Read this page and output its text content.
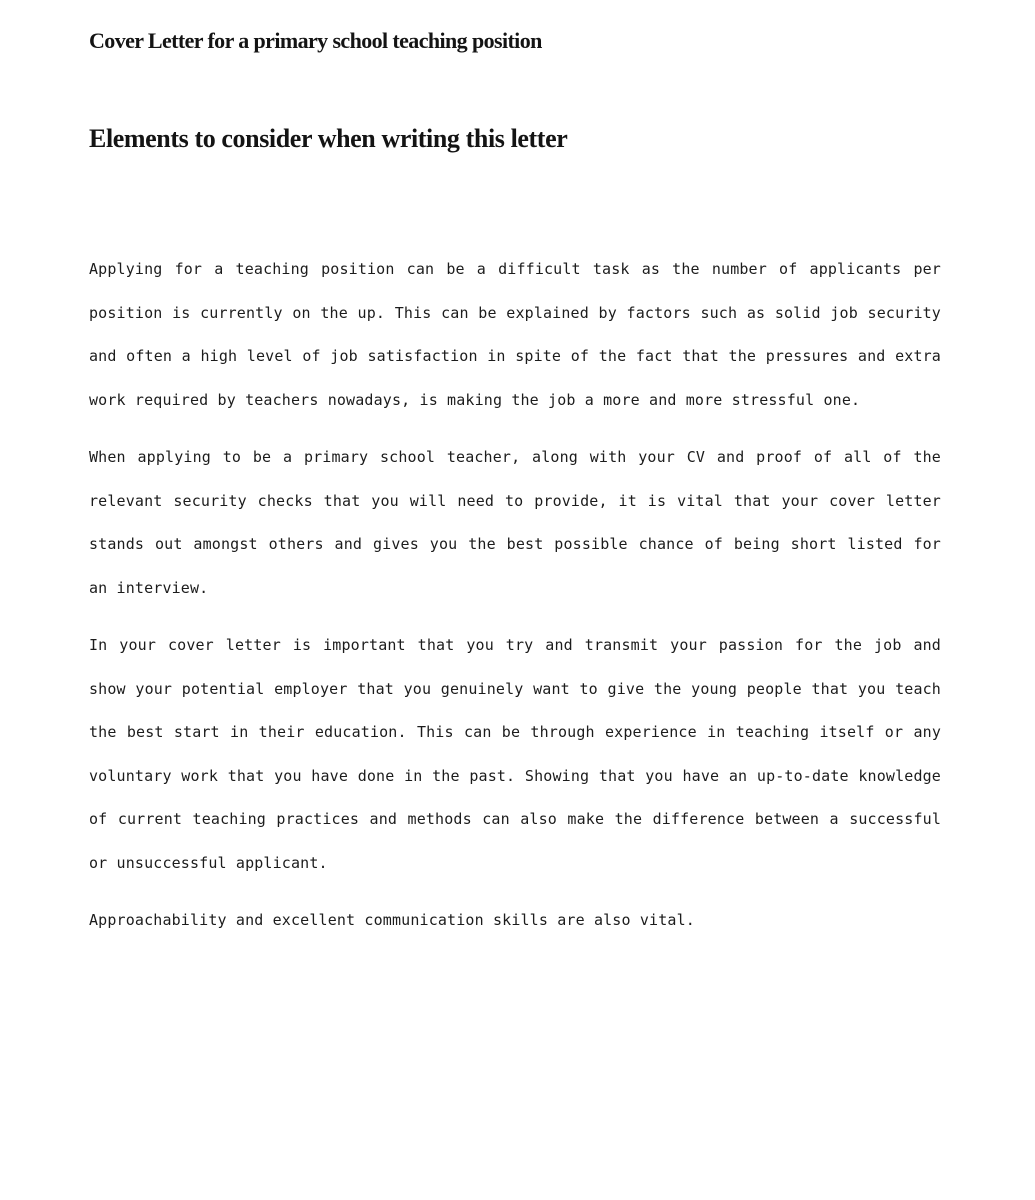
Cover Letter for a primary school teaching position
Elements to consider when writing this letter

Applying for a teaching position can be a difficult task as the number of applicants per position is currently on the up. This can be explained by factors such as solid job security and often a high level of job satisfaction in spite of the fact that the pressures and extra work required by teachers nowadays, is making the job a more and more stressful one.

When applying to be a primary school teacher, along with your CV and proof of all of the relevant security checks that you will need to provide, it is vital that your cover letter stands out amongst others and gives you the best possible chance of being short listed for an interview.

In your cover letter is important that you try and transmit your passion for the job and show your potential employer that you genuinely want to give the young people that you teach the best start in their education. This can be through experience in teaching itself or any voluntary work that you have done in the past. Showing that you have an up-to-date knowledge of current teaching practices and methods can also make the difference between a successful or unsuccessful applicant.

Approachability and excellent communication skills are also vital.
